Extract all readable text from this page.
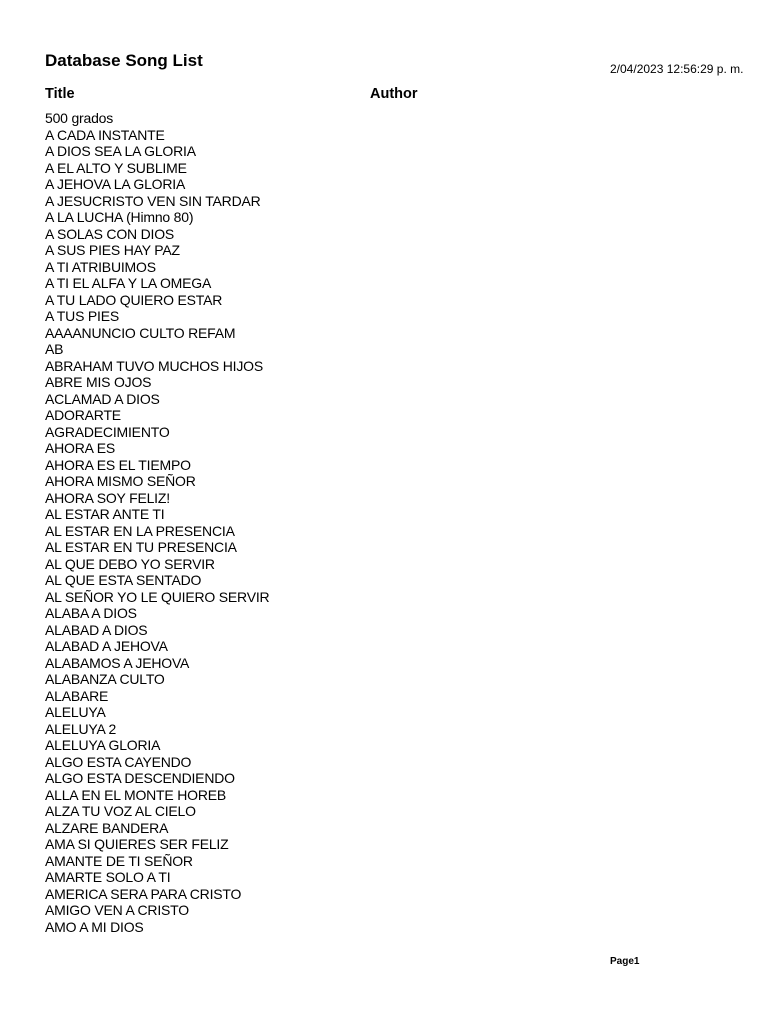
Database Song List	2/04/2023 12:56:29 p. m.
Title	Author
500 grados
A CADA INSTANTE
A DIOS SEA LA GLORIA
A EL ALTO Y SUBLIME
A JEHOVA LA GLORIA
A JESUCRISTO VEN SIN TARDAR
A LA LUCHA (Himno 80)
A SOLAS CON DIOS
A SUS PIES HAY PAZ
A TI ATRIBUIMOS
A TI EL ALFA Y LA OMEGA
A TU LADO QUIERO ESTAR
A TUS PIES
AAAANUNCIO CULTO REFAM
AB
ABRAHAM TUVO MUCHOS HIJOS
ABRE MIS OJOS
ACLAMAD A DIOS
ADORARTE
AGRADECIMIENTO
AHORA ES
AHORA ES EL TIEMPO
AHORA MISMO SEÑOR
AHORA SOY FELIZ!
AL ESTAR ANTE TI
AL ESTAR EN LA PRESENCIA
AL ESTAR EN TU PRESENCIA
AL QUE DEBO YO SERVIR
AL QUE ESTA SENTADO
AL SEÑOR YO LE QUIERO SERVIR
ALABA A DIOS
ALABAD A DIOS
ALABAD A JEHOVA
ALABAMOS A JEHOVA
ALABANZA CULTO
ALABARE
ALELUYA
ALELUYA 2
ALELUYA GLORIA
ALGO ESTA CAYENDO
ALGO ESTA DESCENDIENDO
ALLA EN EL MONTE HOREB
ALZA TU VOZ AL CIELO
ALZARE BANDERA
AMA SI QUIERES SER FELIZ
AMANTE DE TI SEÑOR
AMARTE SOLO A TI
AMERICA SERA PARA CRISTO
AMIGO VEN A CRISTO
AMO A MI DIOS
Page1
